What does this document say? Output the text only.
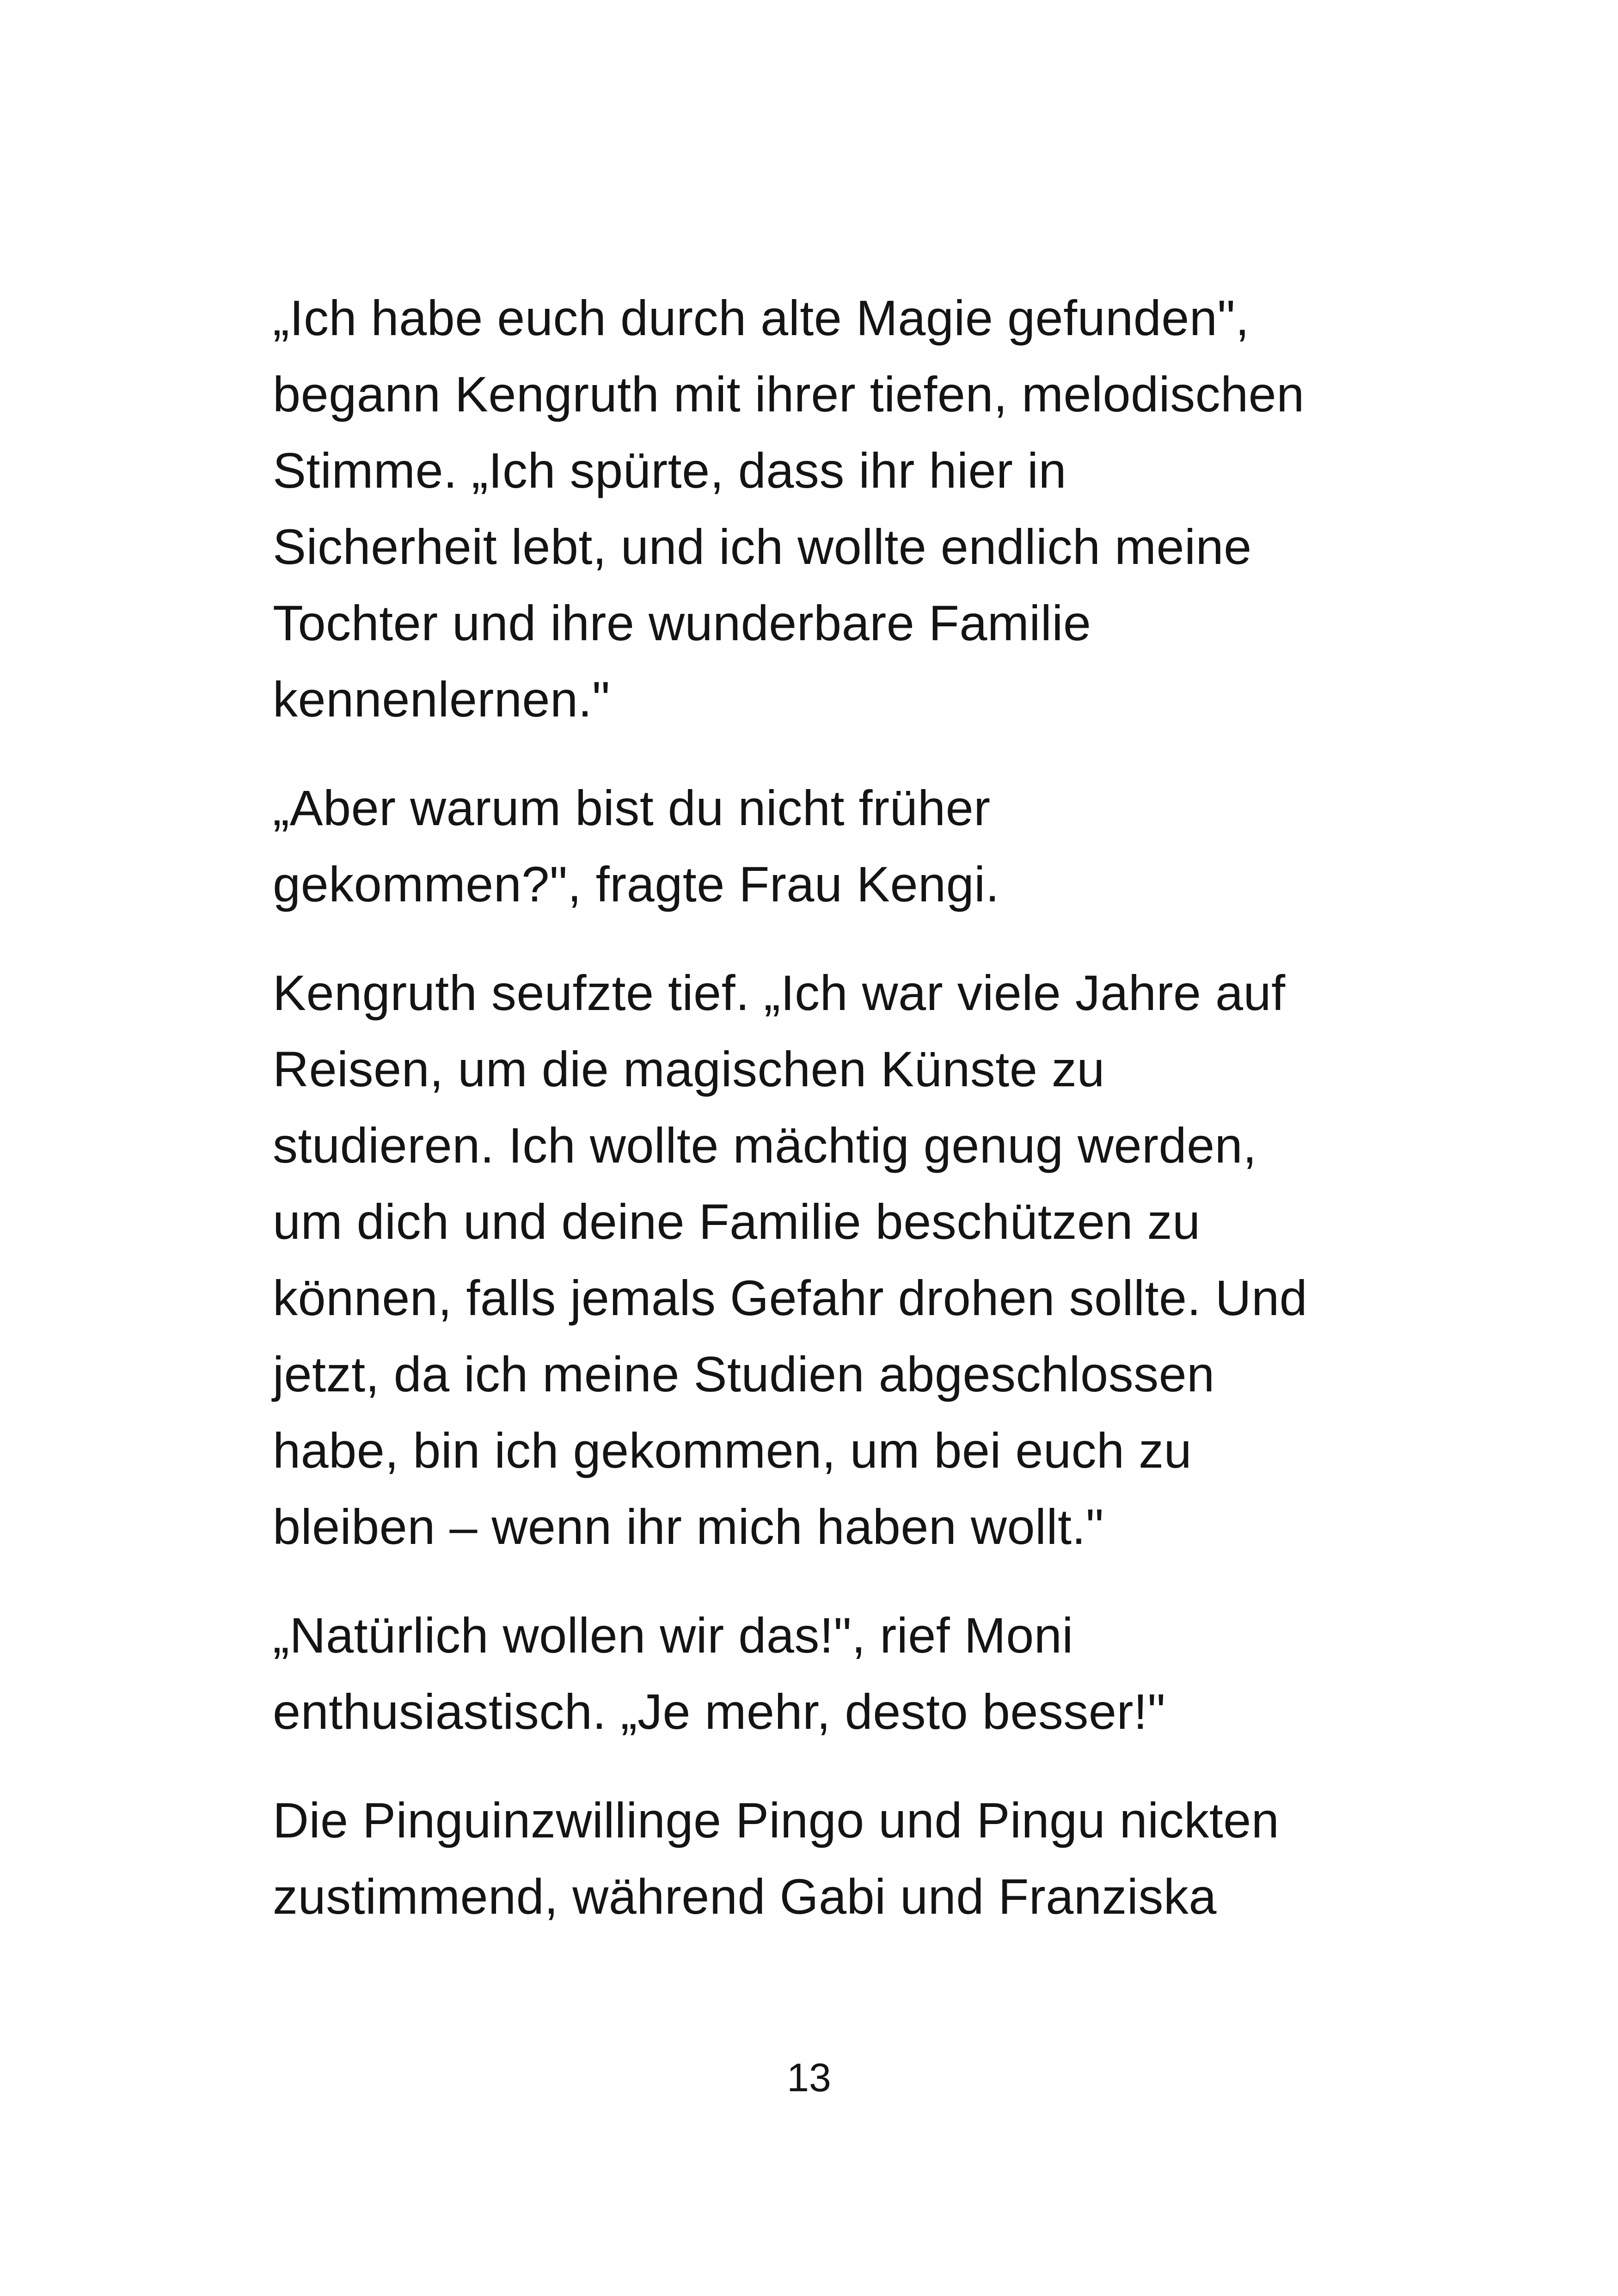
„Ich habe euch durch alte Magie gefunden",
begann Kengruth mit ihrer tiefen, melodischen
Stimme. „Ich spürte, dass ihr hier in
Sicherheit lebt, und ich wollte endlich meine
Tochter und ihre wunderbare Familie
kennenlernen."

„Aber warum bist du nicht früher
gekommen?", fragte Frau Kengi.

Kengruth seufzte tief. „Ich war viele Jahre auf
Reisen, um die magischen Künste zu
studieren. Ich wollte mächtig genug werden,
um dich und deine Familie beschützen zu
können, falls jemals Gefahr drohen sollte. Und
jetzt, da ich meine Studien abgeschlossen
habe, bin ich gekommen, um bei euch zu
bleiben – wenn ihr mich haben wollt."

„Natürlich wollen wir das!", rief Moni
enthusiastisch. „Je mehr, desto besser!"

Die Pinguinzwillinge Pingo und Pingu nickten
zustimmend, während Gabi und Franziska

13
